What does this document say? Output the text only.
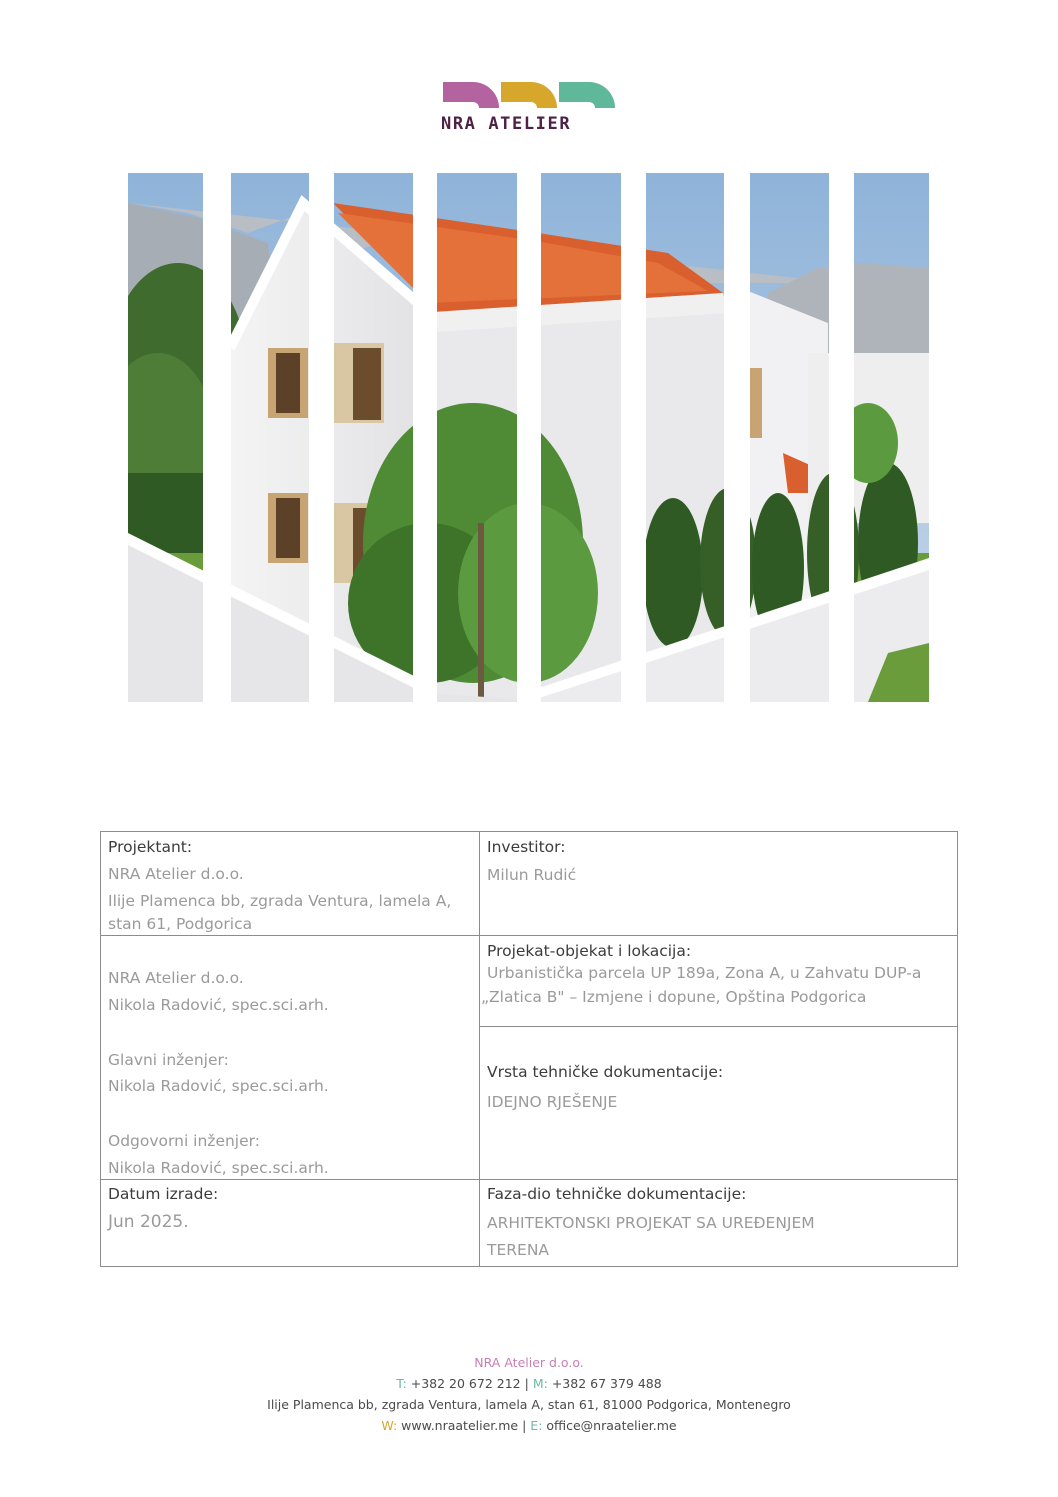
NRA ATELIER
Projektant:
NRA Atelier d.o.o.
Ilije Plamenca bb, zgrada Ventura, lamela A,
stan 61, Podgorica
Investitor:
Milun Rudić
NRA Atelier d.o.o.
Nikola Radović, spec.sci.arh.
Glavni inženjer:
Nikola Radović, spec.sci.arh.
Odgovorni inženjer:
Nikola Radović, spec.sci.arh.
Projekat-objekat i lokacija:
Urbanistička parcela UP 189a, Zona A, u Zahvatu DUP-a
„Zlatica B" – Izmjene i dopune, Opština Podgorica
Vrsta tehničke dokumentacije:
IDEJNO RJEŠENJE
Datum izrade:
Jun 2025.
Faza-dio tehničke dokumentacije:
ARHITEKTONSKI PROJEKAT SA UREĐENJEM
TERENA
NRA Atelier d.o.o.
T: +382 20 672 212 | M: +382 67 379 488
Ilije Plamenca bb, zgrada Ventura, lamela A, stan 61, 81000 Podgorica, Montenegro
W: www.nraatelier.me | E: office@nraatelier.me
